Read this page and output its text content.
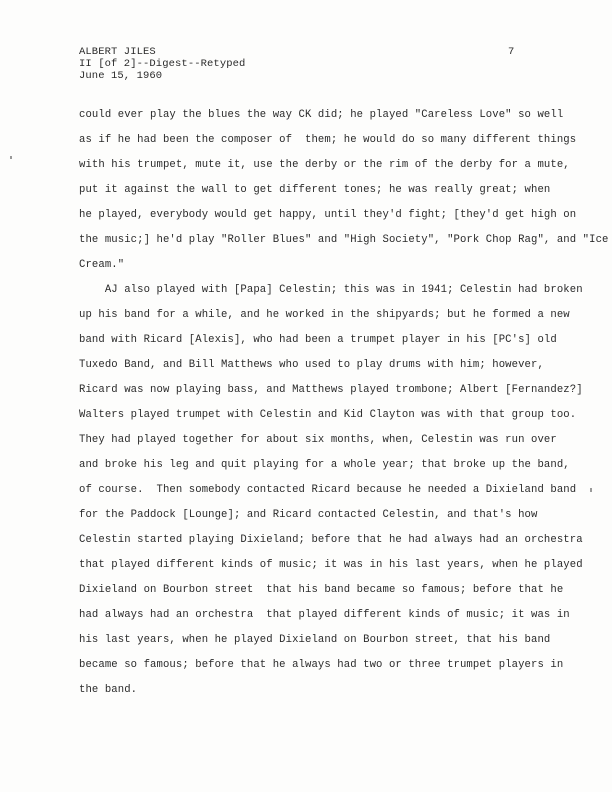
ALBERT JILES
II [of 2]--Digest--Retyped
June 15, 1960
7
could ever play the blues the way CK did; he played "Careless Love" so well
as if he had been the composer of  them; he would do so many different things
with his trumpet, mute it, use the derby or the rim of the derby for a mute,
put it against the wall to get different tones; he was really great; when
he played, everybody would get happy, until they'd fight; [they'd get high on
the music;] he'd play "Roller Blues" and "High Society", "Pork Chop Rag", and "Ice
Cream."
AJ also played with [Papa] Celestin; this was in 1941; Celestin had broken
up his band for a while, and he worked in the shipyards; but he formed a new
band with Ricard [Alexis], who had been a trumpet player in his [PC's] old
Tuxedo Band, and Bill Matthews who used to play drums with him; however,
Ricard was now playing bass, and Matthews played trombone; Albert [Fernandez?]
Walters played trumpet with Celestin and Kid Clayton was with that group too.
They had played together for about six months, when, Celestin was run over
and broke his leg and quit playing for a whole year; that broke up the band,
of course.  Then somebody contacted Ricard because he needed a Dixieland band
for the Paddock [Lounge]; and Ricard contacted Celestin, and that's how
Celestin started playing Dixieland; before that he had always had an orchestra
that played different kinds of music; it was in his last years, when he played
Dixieland on Bourbon street  that his band became so famous; before that he
had always had an orchestra  that played different kinds of music; it was in
his last years, when he played Dixieland on Bourbon street, that his band
became so famous; before that he always had two or three trumpet players in
the band.
